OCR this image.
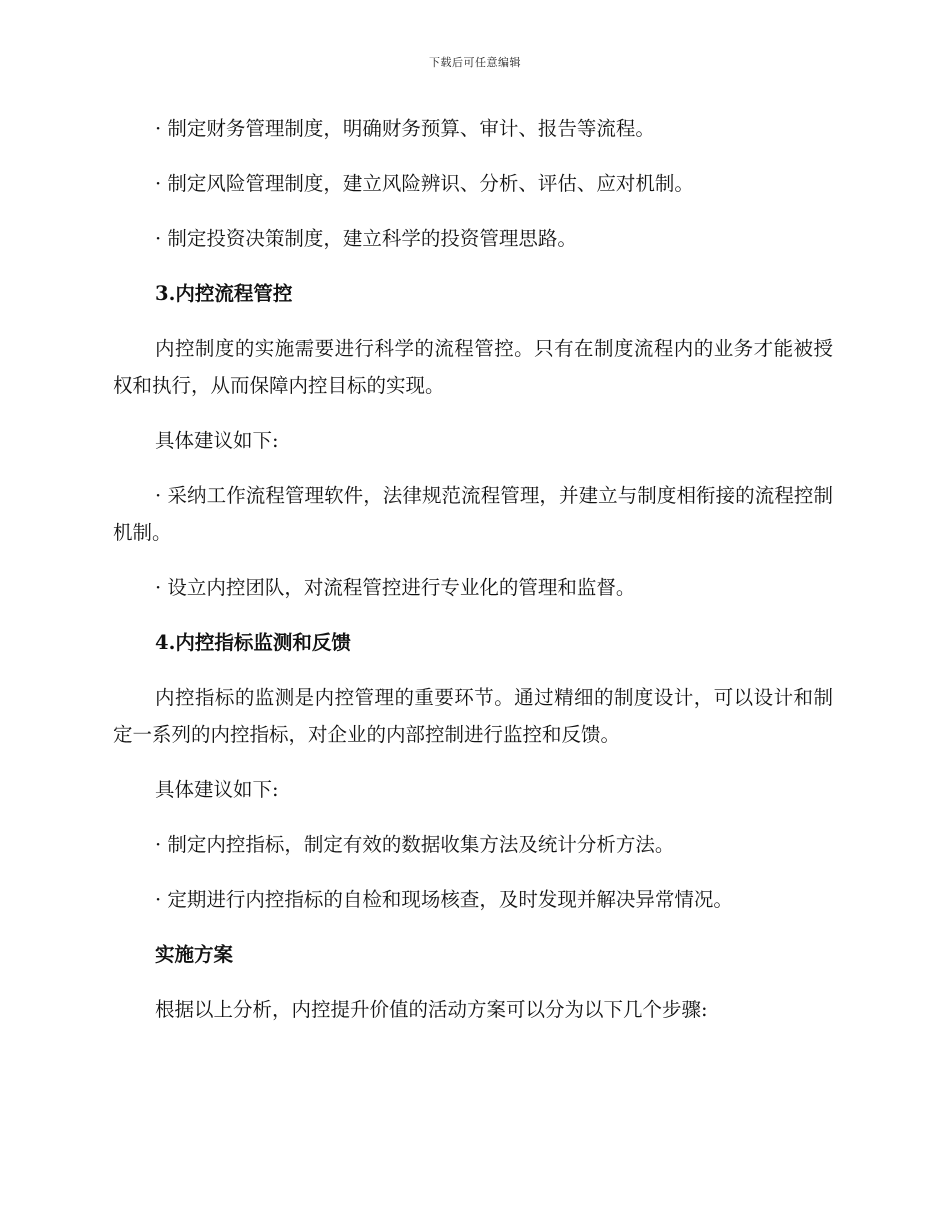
下载后可任意编辑

· 制定财务管理制度，明确财务预算、审计、报告等流程。

· 制定风险管理制度，建立风险辨识、分析、评估、应对机制。

· 制定投资决策制度，建立科学的投资管理思路。

3.内控流程管控

内控制度的实施需要进行科学的流程管控。只有在制度流程内的业务才能被授权和执行，从而保障内控目标的实现。

具体建议如下:

· 采纳工作流程管理软件，法律规范流程管理，并建立与制度相衔接的流程控制机制。

· 设立内控团队，对流程管控进行专业化的管理和监督。

4.内控指标监测和反馈

内控指标的监测是内控管理的重要环节。通过精细的制度设计，可以设计和制定一系列的内控指标，对企业的内部控制进行监控和反馈。

具体建议如下:

· 制定内控指标，制定有效的数据收集方法及统计分析方法。

· 定期进行内控指标的自检和现场核查，及时发现并解决异常情况。

实施方案

根据以上分析，内控提升价值的活动方案可以分为以下几个步骤:
